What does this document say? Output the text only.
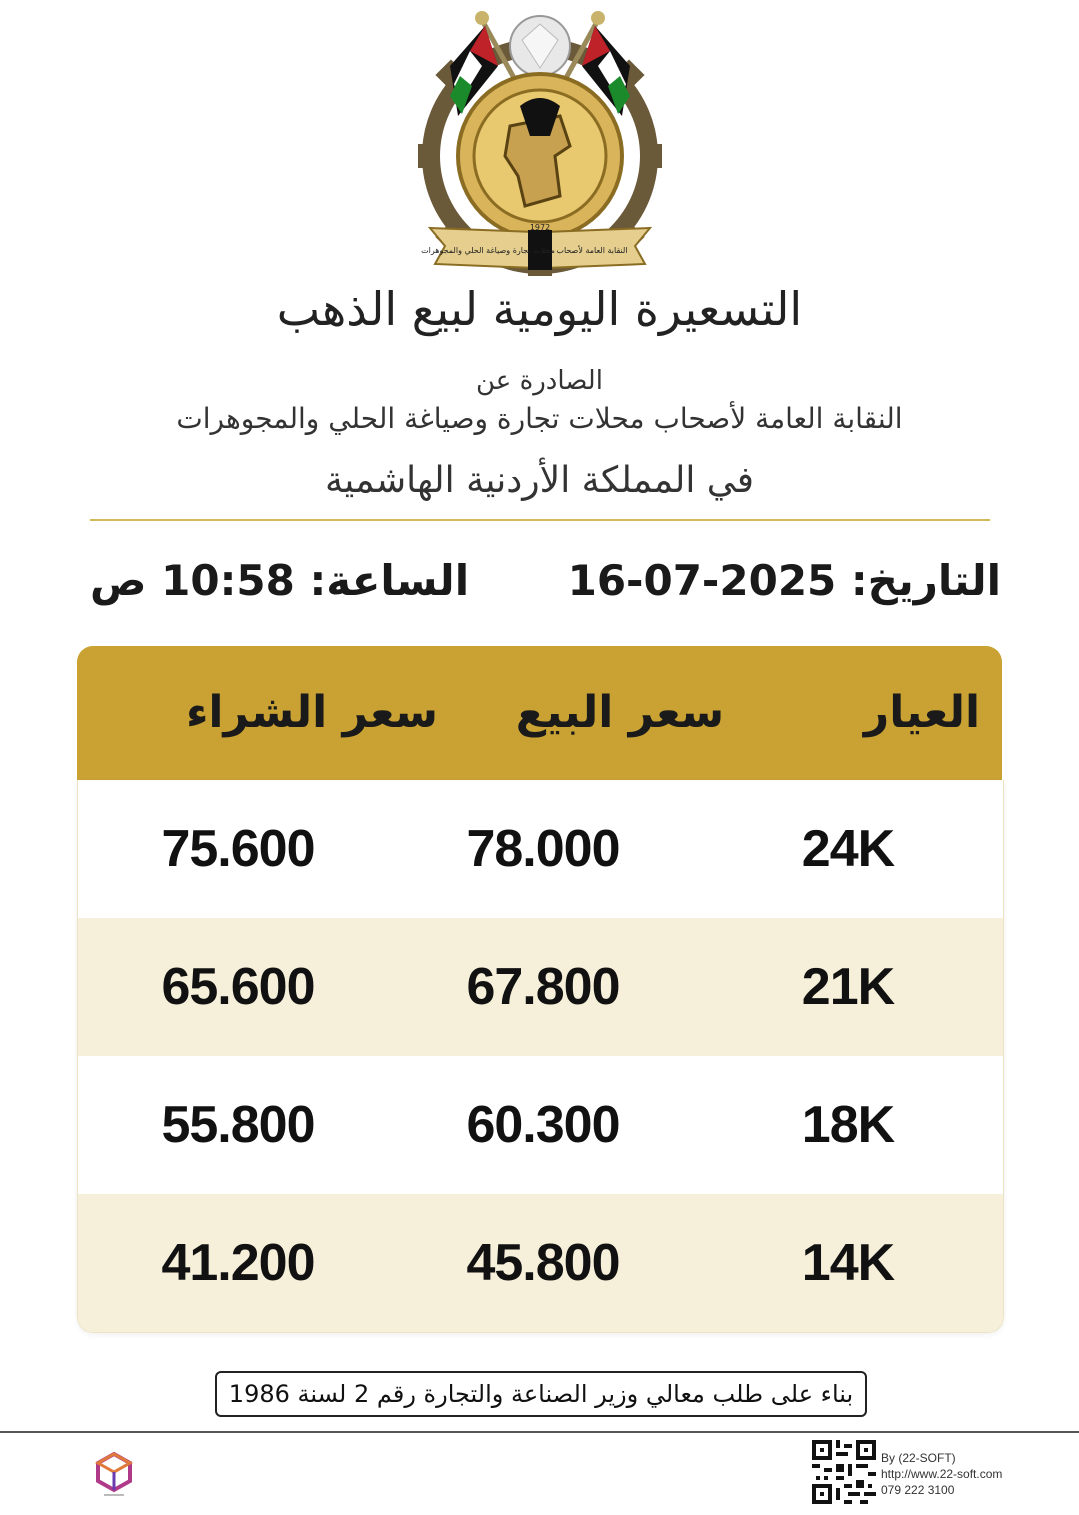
محلات تجارة وصياغة الحلي والمجوهرات النقابة العامة لأصحاب
1972
التسعيرة اليومية لبيع الذهب
الصادرة عن
النقابة العامة لأصحاب محلات تجارة وصياغة الحلي والمجوهرات
في المملكة الأردنية الهاشمية
التاريخ: 16-07-2025
الساعة: 10:58 ص
العيار
سعر البيع
سعر الشراء
24K
78.000
75.600
21K
67.800
65.600
18K
60.300
55.800
14K
45.800
41.200
بناء على طلب معالي وزير الصناعة والتجارة رقم 2 لسنة 1986
By (22-SOFT)
http://www.22-soft.com
079 222 3100
